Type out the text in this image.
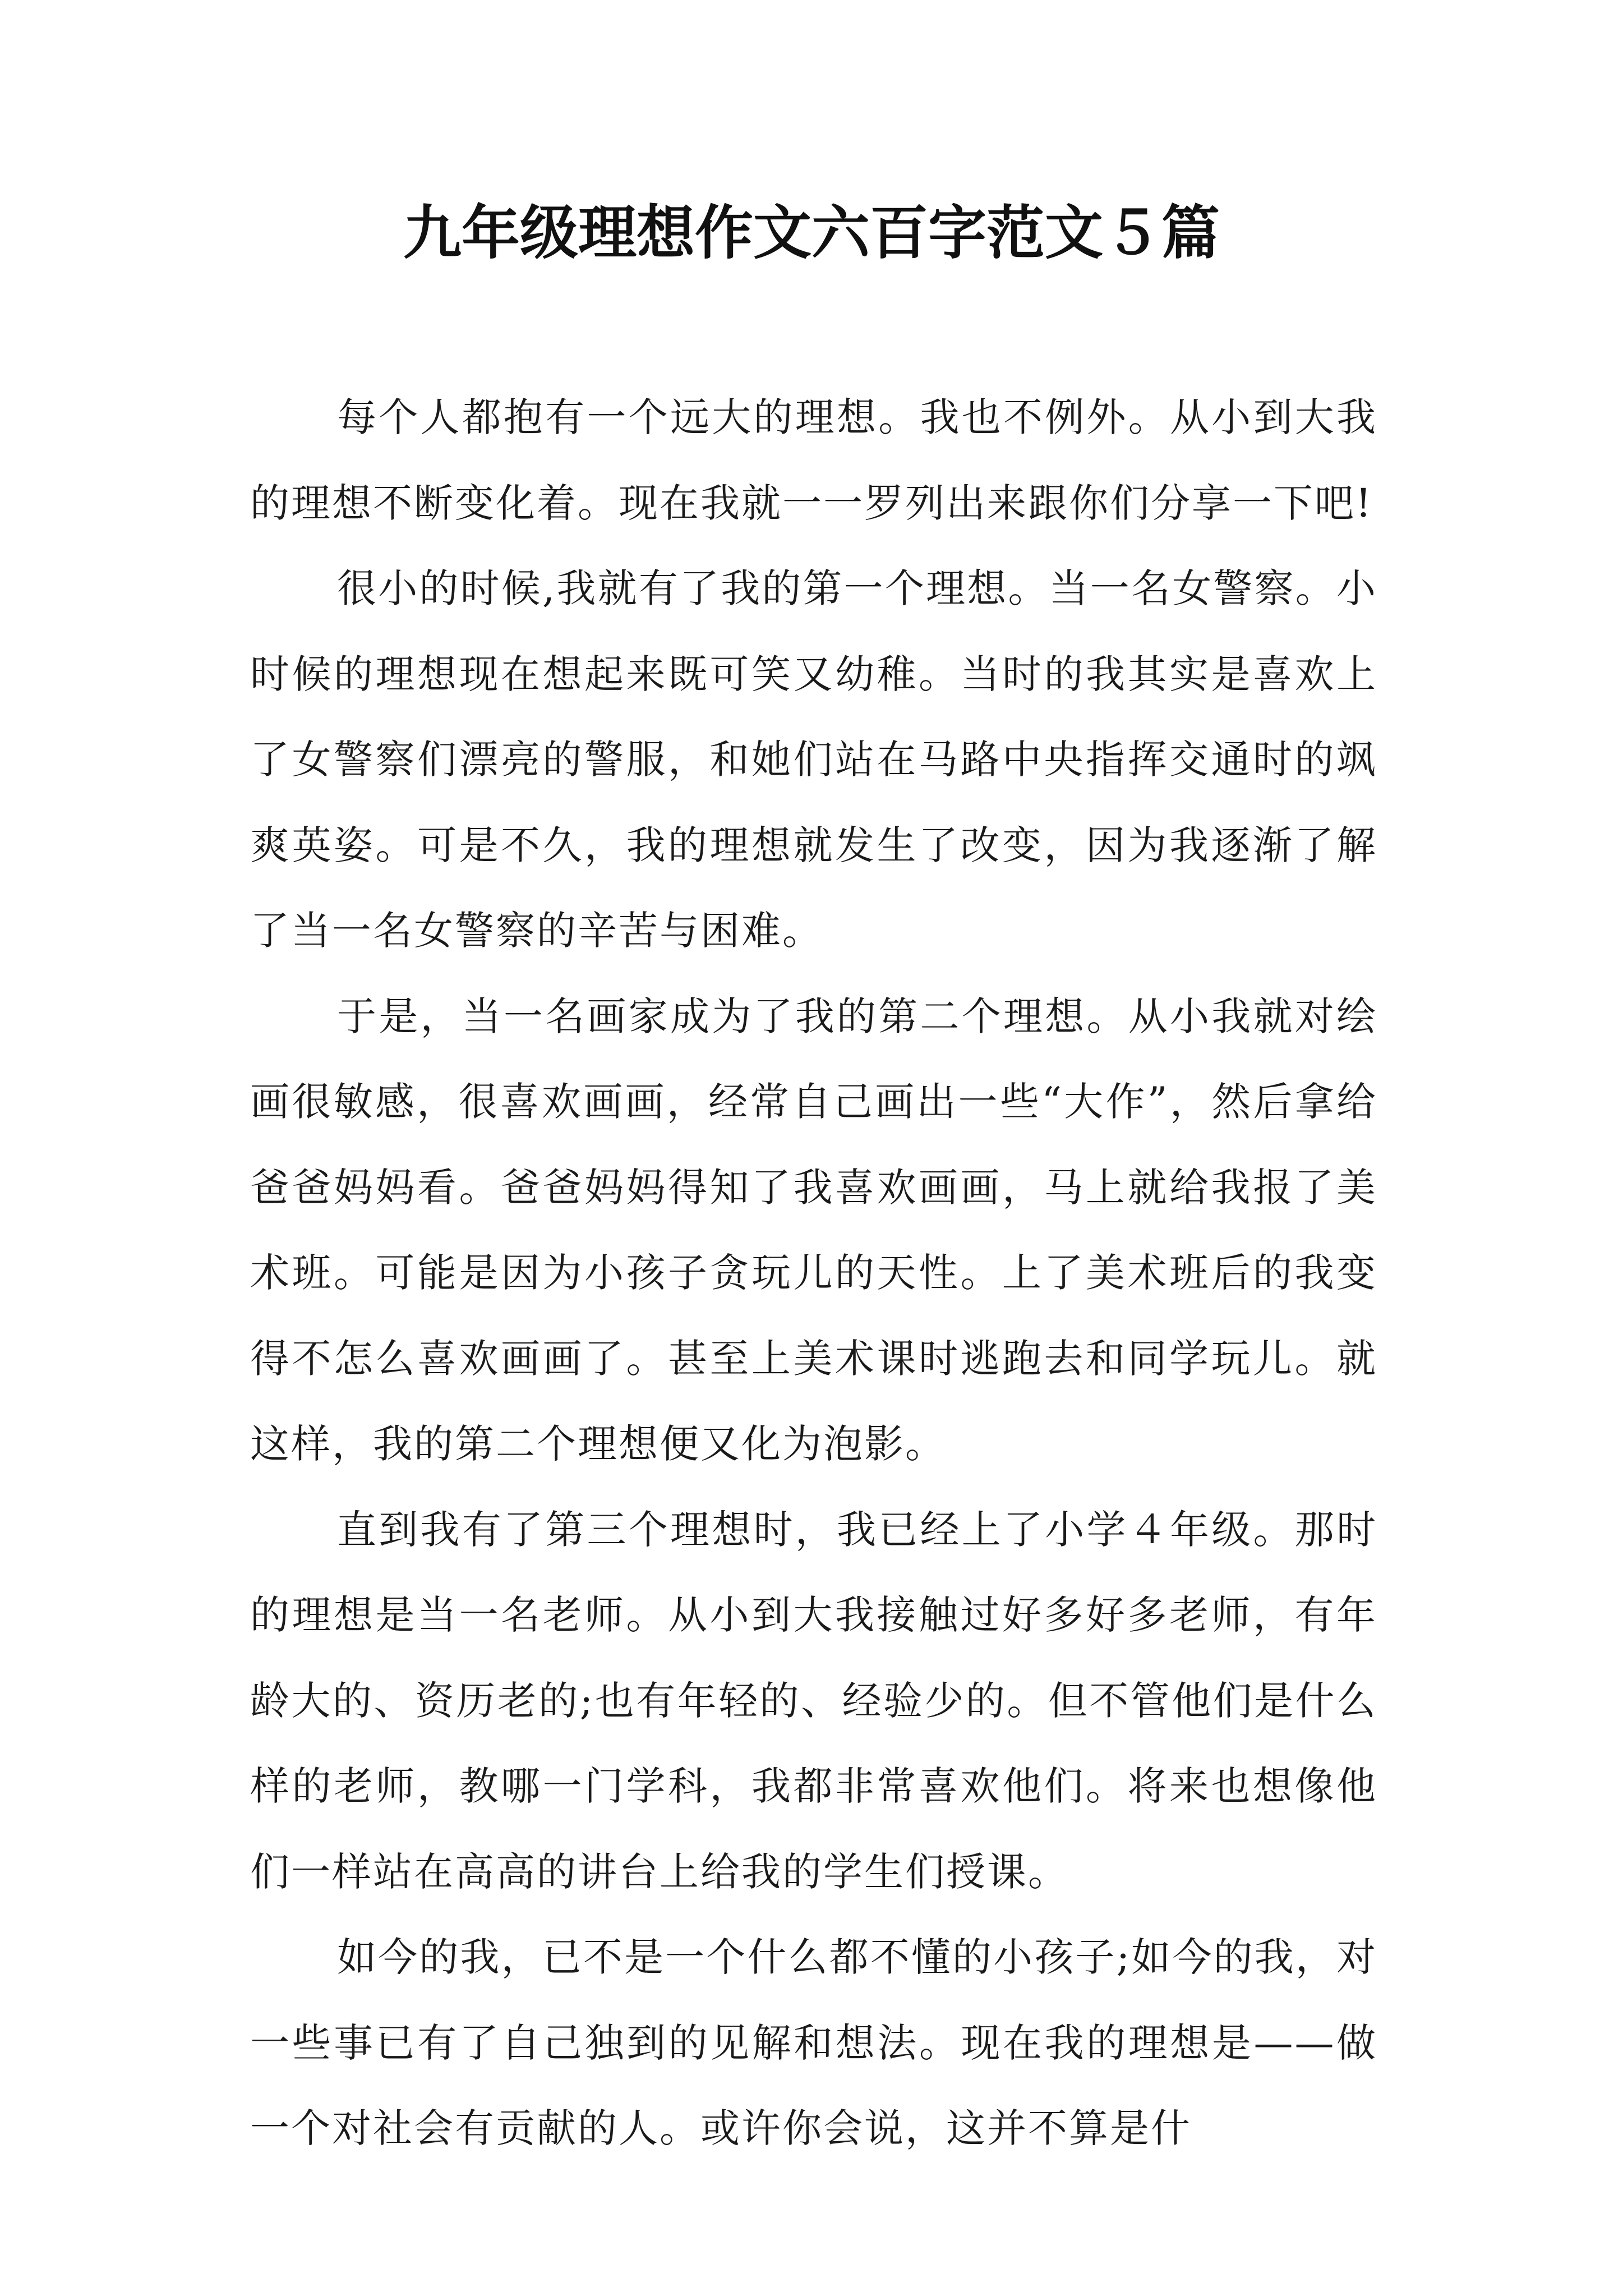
九年级理想作文六百字范文５篇

每个人都抱有一个远大的理想。我也不例外。从小到大我的理想不断变化着。现在我就一一罗列出来跟你们分享一下吧!

很小的时候,我就有了我的第一个理想。当一名女警察。小时候的理想现在想起来既可笑又幼稚。当时的我其实是喜欢上了女警察们漂亮的警服，和她们站在马路中央指挥交通时的飒爽英姿。可是不久，我的理想就发生了改变，因为我逐渐了解了当一名女警察的辛苦与困难。

于是，当一名画家成为了我的第二个理想。从小我就对绘画很敏感，很喜欢画画，经常自己画出一些“大作”，然后拿给爸爸妈妈看。爸爸妈妈得知了我喜欢画画，马上就给我报了美术班。可能是因为小孩子贪玩儿的天性。上了美术班后的我变得不怎么喜欢画画了。甚至上美术课时逃跑去和同学玩儿。就这样，我的第二个理想便又化为泡影。

直到我有了第三个理想时，我已经上了小学４年级。那时的理想是当一名老师。从小到大我接触过好多好多老师，有年龄大的、资历老的;也有年轻的、经验少的。但不管他们是什么样的老师，教哪一门学科，我都非常喜欢他们。将来也想像他们一样站在高高的讲台上给我的学生们授课。

如今的我，已不是一个什么都不懂的小孩子;如今的我，对一些事已有了自己独到的见解和想法。现在我的理想是——做一个对社会有贡献的人。或许你会说，这并不算是什
